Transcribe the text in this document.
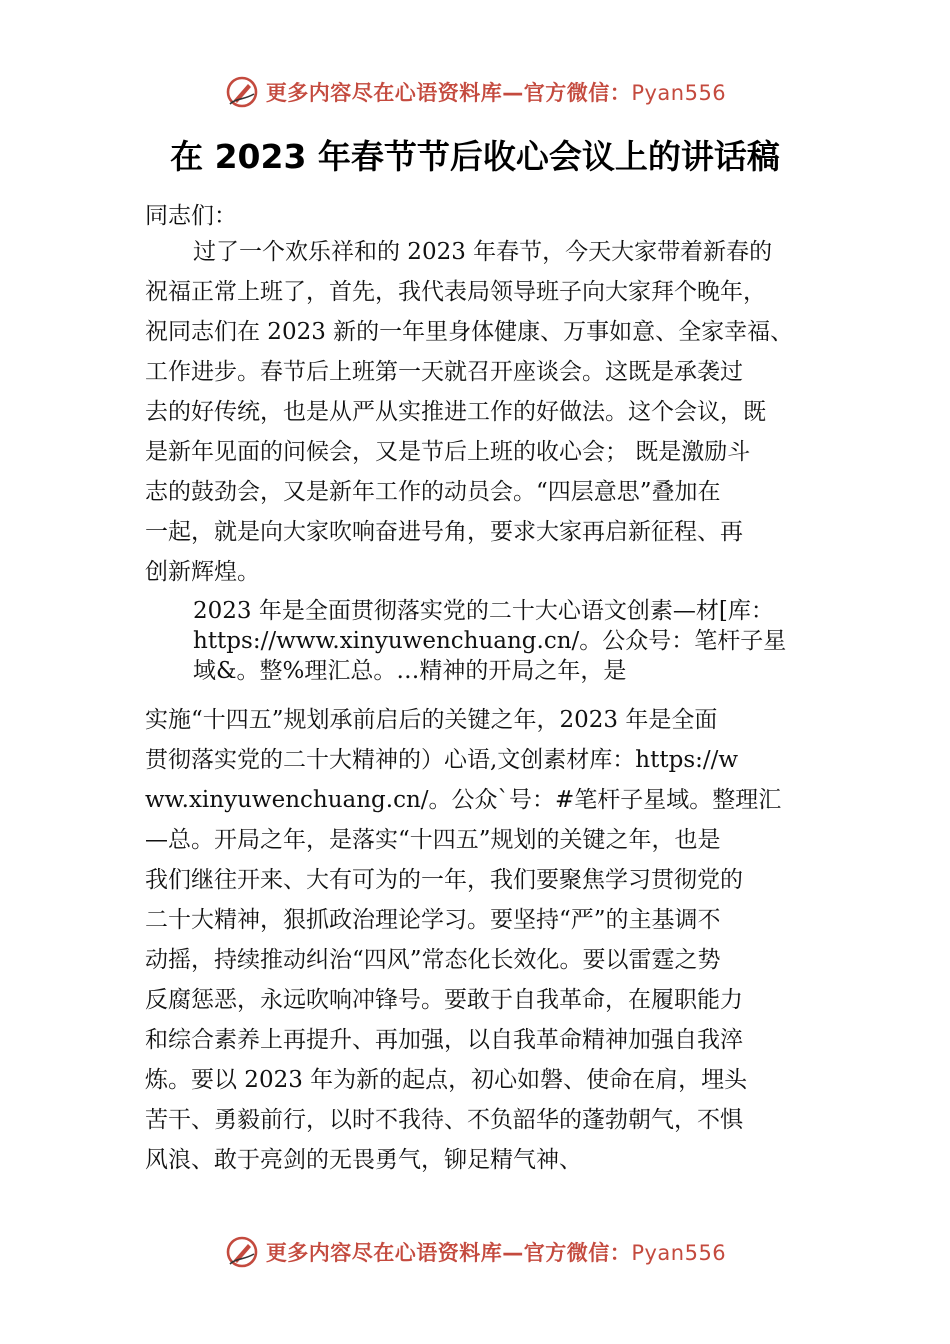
更多内容尽在心语资料库—官方微信：Pyan556
在 2023 年春节节后收心会议上的讲话稿

同志们：

过了一个欢乐祥和的 2023 年春节，今天大家带着新春的
祝福正常上班了，首先，我代表局领导班子向大家拜个晚年，
祝同志们在 2023 新的一年里身体健康、万事如意、全家幸福、
工作进步。春节后上班第一天就召开座谈会。这既是承袭过
去的好传统，也是从严从实推进工作的好做法。这个会议，既
是新年见面的问候会，又是节后上班的收心会； 既是激励斗
志的鼓劲会，又是新年工作的动员会。“四层意思”叠加在
一起，就是向大家吹响奋进号角，要求大家再启新征程、再
创新辉煌。

2023 年是全面贯彻落实党的二十大心语文创素—材[库：
https://www.xinyuwenchuang.cn/。公众号：笔杆子星
域&。整%理汇总。…精神的开局之年，是

实施“十四五”规划承前启后的关键之年，2023 年是全面
贯彻落实党的二十大精神的）心语,文创素材库：https://w
ww.xinyuwenchuang.cn/。公众`号：#笔杆子星域。整理汇
—总。开局之年，是落实“十四五”规划的关键之年，也是
我们继往开来、大有可为的一年，我们要聚焦学习贯彻党的
二十大精神，狠抓政治理论学习。要坚持“严”的主基调不
动摇，持续推动纠治“四风”常态化长效化。要以雷霆之势
反腐惩恶，永远吹响冲锋号。要敢于自我革命，在履职能力
和综合素养上再提升、再加强，以自我革命精神加强自我淬
炼。要以 2023 年为新的起点，初心如磐、使命在肩，埋头
苦干、勇毅前行，以时不我待、不负韶华的蓬勃朝气，不惧
风浪、敢于亮剑的无畏勇气，铆足精气神、

更多内容尽在心语资料库—官方微信：Pyan556
